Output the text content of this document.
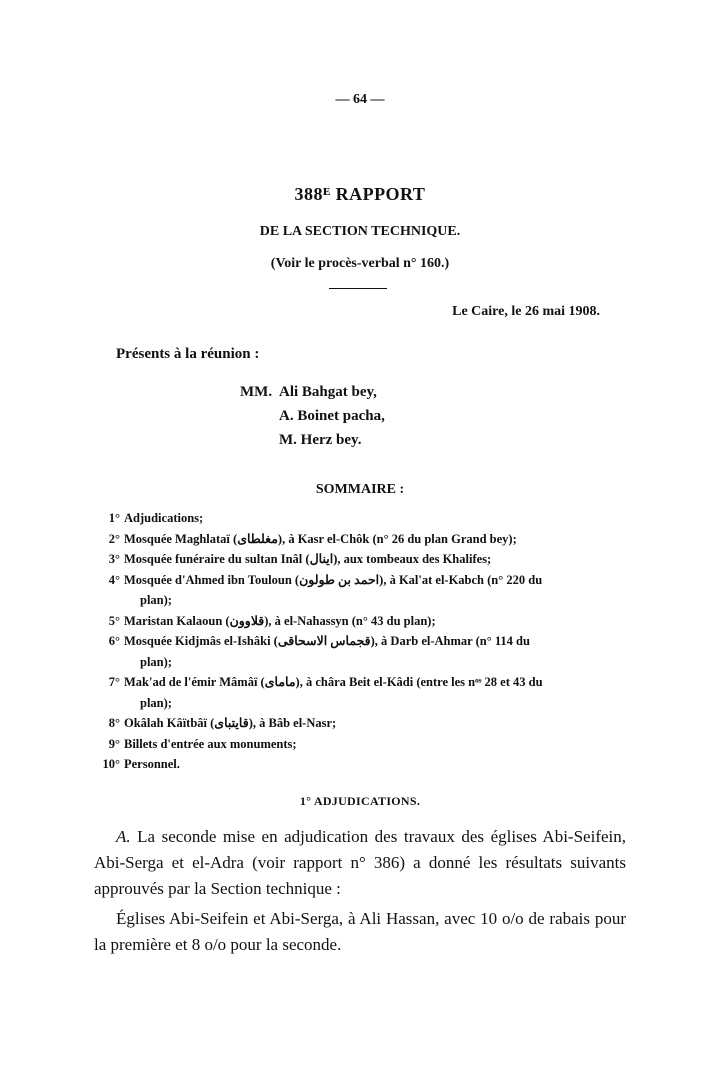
— 64 —
388ᴱ RAPPORT
DE LA SECTION TECHNIQUE.
(Voir le procès-verbal n° 160.)
Le Caire, le 26 mai 1908.
Présents à la réunion :
MM. Ali Bahgat bey,
A. Boinet pacha,
M. Herz bey.
SOMMAIRE :
1° Adjudications;
2° Mosquée Maghlataï (مغلطاى), à Kasr el-Chôk (n° 26 du plan Grand bey);
3° Mosquée funéraire du sultan Inâl (اينال), aux tombeaux des Khalifes;
4° Mosquée d'Ahmed ibn Touloun (احمد بن طولون), à Kal'at el-Kabch (n° 220 du
plan);
5° Maristan Kalaoun (قلاوون), à el-Nahassyn (n° 43 du plan);
6° Mosquée Kidjmâs el-Ishâki (قجماس الاسحاقى), à Darb el-Ahmar (n° 114 du
plan);
7° Mak'ad de l'émir Mâmâï (ماماى), à châra Beit el-Kâdi (entre les nᵒˢ 28 et 43 du
plan);
8° Okâlah Kâïtbâï (قايتباى), à Bâb el-Nasr;
9° Billets d'entrée aux monuments;
10° Personnel.
1° ADJUDICATIONS.

A. La seconde mise en adjudication des travaux des églises Abi-Seifein, Abi-Serga et el-Adra (voir rapport n° 386) a donné les résultats suivants approuvés par la Section technique :

Églises Abi-Seifein et Abi-Serga, à Ali Hassan, avec 10 o/o de rabais pour la première et 8 o/o pour la seconde.
